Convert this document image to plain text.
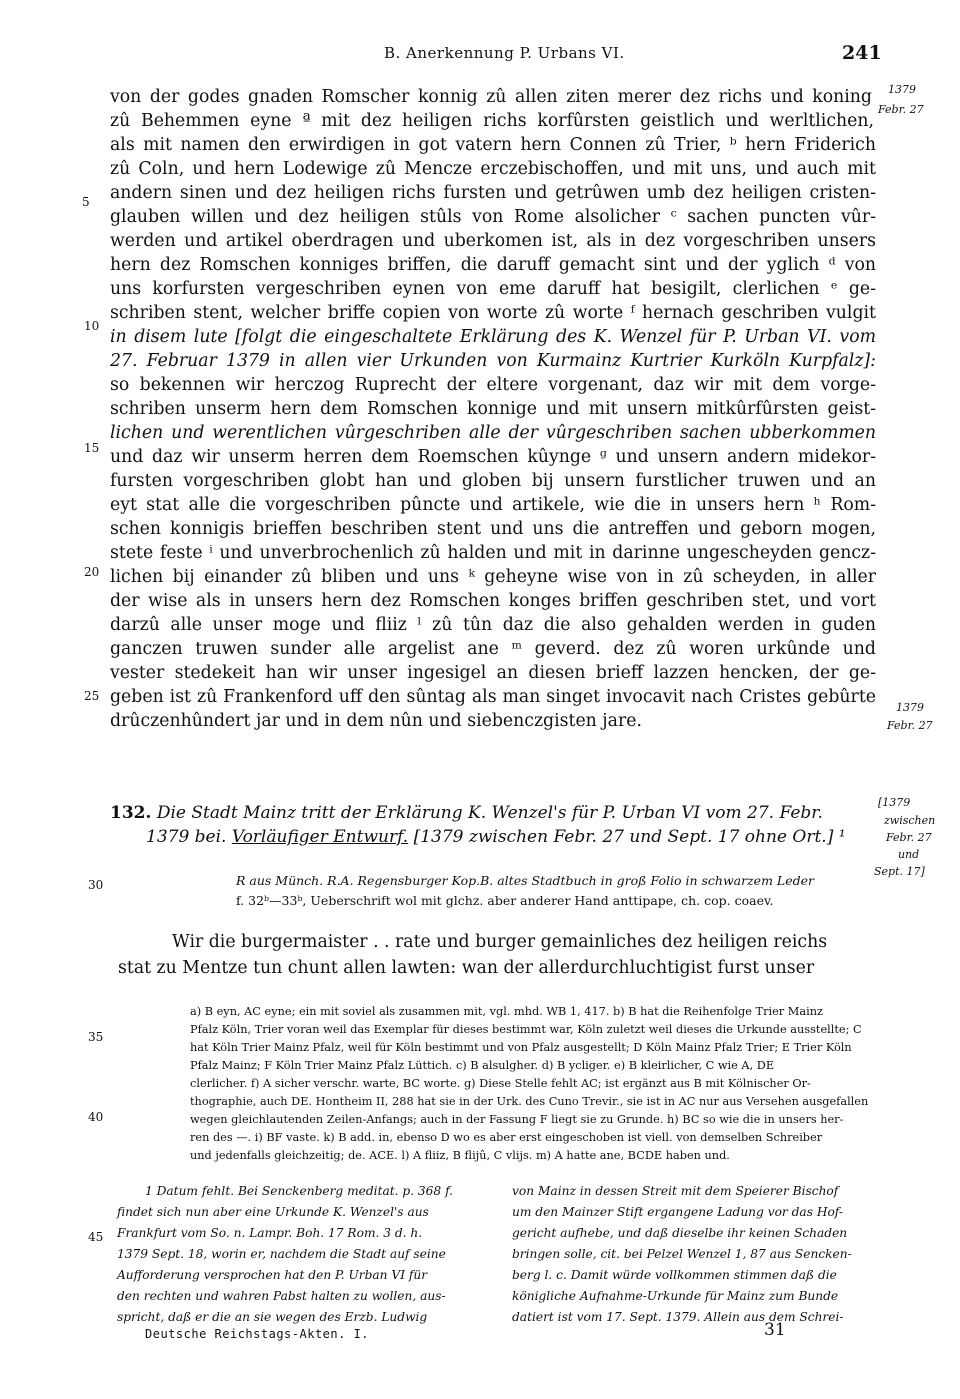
B. Anerkennung P. Urbans VI.	241
1379
Febr. 27
1379
Febr. 27
[1379
zwischen
Febr. 27
und
Sept. 17]
5
10
15
20
25
30
35
40
45
von der godes gnaden Romscher konnig zû allen ziten merer dez richs und koning
zû Behemmen eyne ª mit dez heiligen richs korfûrsten geistlich und werltlichen,
als mit namen den erwirdigen in got vatern hern Connen zû Trier, ᵇ hern Friderich
zû Coln, und hern Lodewige zû Mencze erczebischoffen, und mit uns, und auch mit
andern sinen und dez heiligen richs fursten und getrûwen umb dez heiligen cristen-
glauben willen und dez heiligen stûls von Rome alsolicher ᶜ sachen puncten vûr-
werden und artikel oberdragen und uberkomen ist, als in dez vorgeschriben unsers
hern dez Romschen konniges briffen, die daruff gemacht sint und der yglich ᵈ von
uns korfursten vergeschriben eynen von eme daruff hat besigilt, clerlichen ᵉ ge-
schriben stent, welcher briffe copien von worte zû worte ᶠ hernach geschriben vulgit
in disem lute [folgt die eingeschaltete Erklärung des K. Wenzel für P. Urban VI. vom
27. Februar 1379 in allen vier Urkunden von Kurmainz Kurtrier Kurköln Kurpfalz]:
so bekennen wir herczog Ruprecht der eltere vorgenant, daz wir mit dem vorge-
schriben unserm hern dem Romschen konnige und mit unsern mitkûrfûrsten geist-
lichen und werentlichen vûrgeschriben alle der vûrgeschriben sachen ubberkommen
und daz wir unserm herren dem Roemschen kûynge ᵍ und unsern andern midekor-
fursten vorgeschriben globt han und globen bij unsern furstlicher truwen und an
eyt stat alle die vorgeschriben pûncte und artikele, wie die in unsers hern ʰ Rom-
schen konnigis brieffen beschriben stent und uns die antreffen und geborn mogen,
stete feste ⁱ und unverbrochenlich zû halden und mit in darinne ungescheyden gencz-
lichen bij einander zû bliben und uns ᵏ geheyne wise von in zû scheyden, in aller
der wise als in unsers hern dez Romschen konges briffen geschriben stet, und vort
darzû alle unser moge und fliiz ˡ zû tûn daz die also gehalden werden in guden
ganczen truwen sunder alle argelist ane ᵐ geverd. dez zû woren urkûnde und
vester stedekeit han wir unser ingesigel an diesen brieff lazzen hencken, der ge-
geben ist zû Frankenford uff den sûntag als man singet invocavit nach Cristes gebûrte
drûczenhûndert jar und in dem nûn und siebenczgisten jare.
132. Die Stadt Mainz tritt der Erklärung K. Wenzel's für P. Urban VI vom 27. Febr.
1379 bei. Vorläufiger Entwurf. [1379 zwischen Febr. 27 und Sept. 17 ohne Ort.] ¹
R aus Münch. R.A. Regensburger Kop.B. altes Stadtbuch in groß Folio in schwarzem Leder
f. 32ᵇ—33ᵇ, Ueberschrift wol mit glchz. aber anderer Hand anttipape, ch. cop. coaev.
Wir die burgermaister . . rate und burger gemainliches dez heiligen reichs
stat zu Mentze tun chunt allen lawten: wan der allerdurchluchtigist furst unser
a) B eyn, AC eyne; ein mit soviel als zusammen mit, vgl. mhd. WB 1, 417. b) B hat die Reihenfolge Trier Mainz
Pfalz Köln, Trier voran weil das Exemplar für dieses bestimmt war, Köln zuletzt weil dieses die Urkunde ausstellte; C
hat Köln Trier Mainz Pfalz, weil für Köln bestimmt und von Pfalz ausgestellt; D Köln Mainz Pfalz Trier; E Trier Köln
Pfalz Mainz; F Köln Trier Mainz Pfalz Lüttich. c) B alsulgher. d) B ycliger. e) B kleirlicher, C wie A, DE
clerlicher. f) A sicher verschr. warte, BC worte. g) Diese Stelle fehlt AC; ist ergänzt aus B mit Kölnischer Or-
thographie, auch DE. Hontheim II, 288 hat sie in der Urk. des Cuno Trevir., sie ist in AC nur aus Versehen ausgefallen
wegen gleichlautenden Zeilen-Anfangs; auch in der Fassung F liegt sie zu Grunde. h) BC so wie die in unsers her-
ren des —. i) BF vaste. k) B add. in, ebenso D wo es aber erst eingeschoben ist viell. von demselben Schreiber
und jedenfalls gleichzeitig; de. ACE. l) A fliiz, B flijû, C vlijs. m) A hatte ane, BCDE haben und.
1 Datum fehlt. Bei Senckenberg meditat. p. 368 f.
findet sich nun aber eine Urkunde K. Wenzel's aus
Frankfurt vom So. n. Lampr. Boh. 17 Rom. 3 d. h.
1379 Sept. 18, worin er, nachdem die Stadt auf seine
Aufforderung versprochen hat den P. Urban VI für
den rechten und wahren Pabst halten zu wollen, aus-
spricht, daß er die an sie wegen des Erzb. Ludwig
von Mainz in dessen Streit mit dem Speierer Bischof
um den Mainzer Stift ergangene Ladung vor das Hof-
gericht aufhebe, und daß dieselbe ihr keinen Schaden
bringen solle, cit. bei Pelzel Wenzel 1, 87 aus Sencken-
berg l. c. Damit würde vollkommen stimmen daß die
königliche Aufnahme-Urkunde für Mainz zum Bunde
datiert ist vom 17. Sept. 1379. Allein aus dem Schrei-
Deutsche Reichstags-Akten. I.	31
